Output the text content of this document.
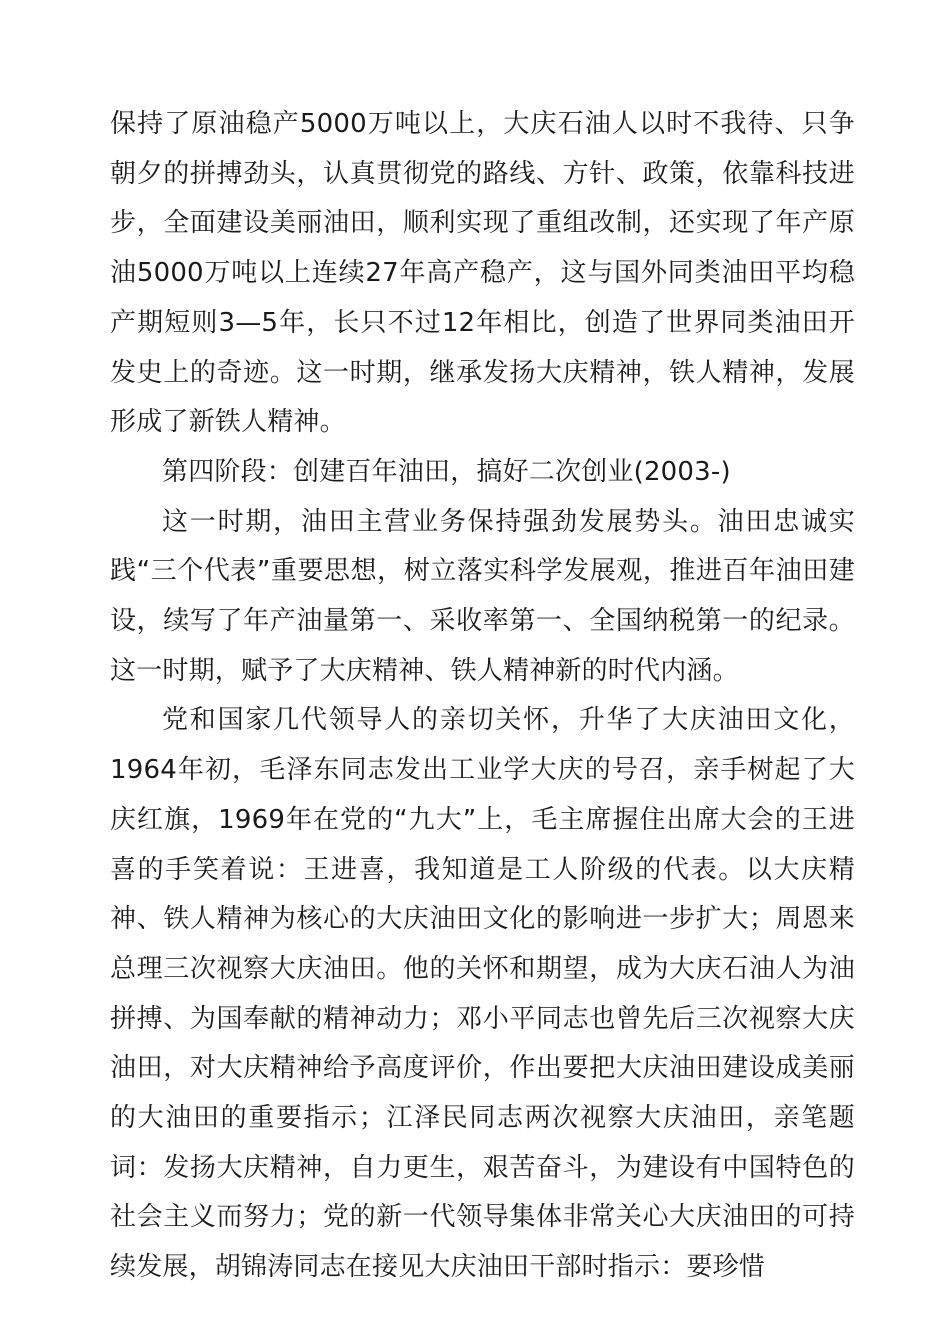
保持了原油稳产5000万吨以上，大庆石油人以时不我待、只争朝夕的拼搏劲头，认真贯彻党的路线、方针、政策，依靠科技进步，全面建设美丽油田，顺利实现了重组改制，还实现了年产原油5000万吨以上连续27年高产稳产，这与国外同类油田平均稳产期短则3—5年，长只不过12年相比，创造了世界同类油田开发史上的奇迹。这一时期，继承发扬大庆精神，铁人精神，发展形成了新铁人精神。

第四阶段：创建百年油田，搞好二次创业(2003-)

这一时期，油田主营业务保持强劲发展势头。油田忠诚实践“三个代表”重要思想，树立落实科学发展观，推进百年油田建设，续写了年产油量第一、采收率第一、全国纳税第一的纪录。这一时期，赋予了大庆精神、铁人精神新的时代内涵。

党和国家几代领导人的亲切关怀，升华了大庆油田文化，1964年初，毛泽东同志发出工业学大庆的号召，亲手树起了大庆红旗，1969年在党的“九大”上，毛主席握住出席大会的王进喜的手笑着说：王进喜，我知道是工人阶级的代表。以大庆精神、铁人精神为核心的大庆油田文化的影响进一步扩大；周恩来总理三次视察大庆油田。他的关怀和期望，成为大庆石油人为油拼搏、为国奉献的精神动力；邓小平同志也曾先后三次视察大庆油田，对大庆精神给予高度评价，作出要把大庆油田建设成美丽的大油田的重要指示；江泽民同志两次视察大庆油田，亲笔题词：发扬大庆精神，自力更生，艰苦奋斗，为建设有中国特色的社会主义而努力；党的新一代领导集体非常关心大庆油田的可持续发展，胡锦涛同志在接见大庆油田干部时指示：要珍惜
